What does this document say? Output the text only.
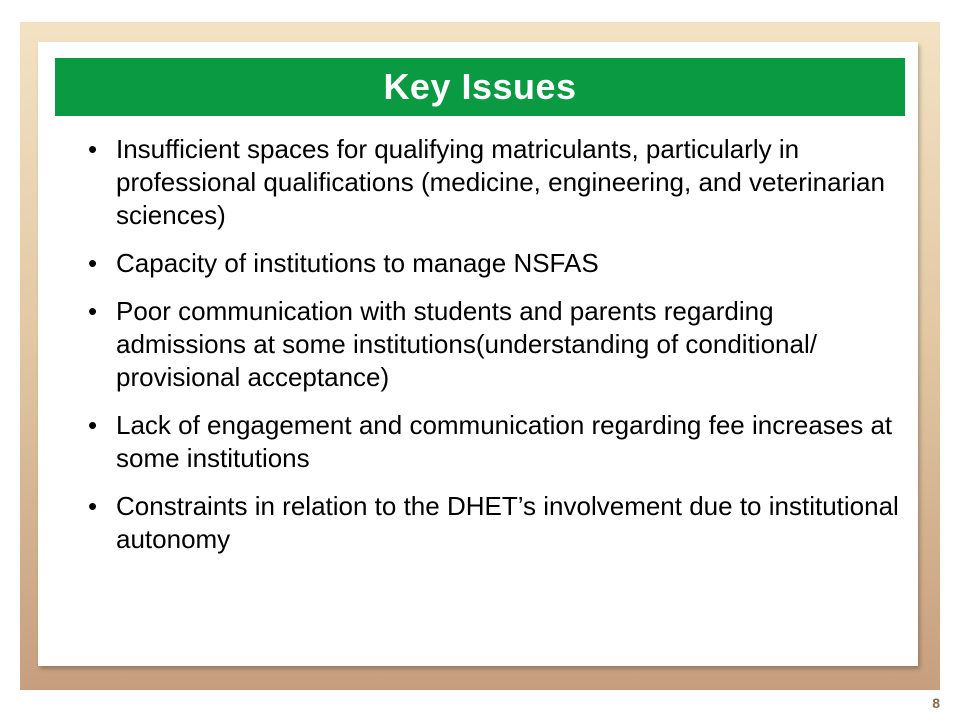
Key Issues
• Insufficient spaces for qualifying matriculants, particularly in professional qualifications (medicine, engineering, and veterinarian sciences)
• Capacity of institutions to manage NSFAS
• Poor communication with students and parents regarding admissions at some institutions(understanding of conditional/ provisional acceptance)
• Lack of engagement and communication regarding fee increases at some institutions
• Constraints in relation to the DHET’s involvement due to institutional autonomy
8
